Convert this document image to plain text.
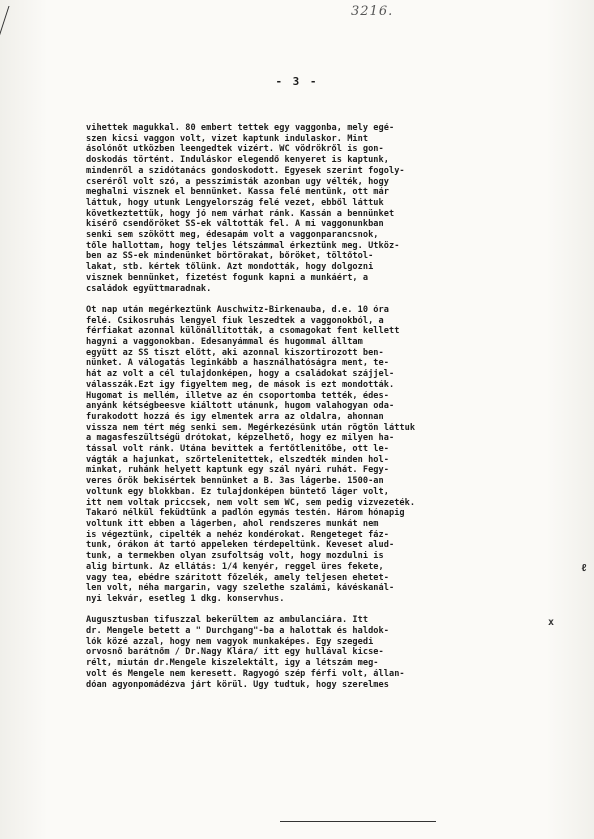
3216.
- 3 -
vihettek magukkal. 80 embert tettek egy vaggonba, mely egé-
szen kicsi vaggon volt, vizet kaptunk indulaskor. Mint
ásolónőt utközben leengedtek vizért. WC vödrökről is gon-
doskodás történt. Induláskor elegendő kenyeret is kaptunk,
mindenről a szidótanács gondoskodott. Egyesek szerint fogoly-
cseréről volt szó, a pesszimisták azonban ugy vélték, hogy
meghalni visznek el bennünket. Kassa felé mentünk, ott már
láttuk, hogy utunk Lengyelország felé vezet, ebből láttuk
következtettük, hogy jó nem várhat ránk. Kassán a bennünket
kisérő csendőröket SS-ek váltották fel. A mi vaggonunkban
senki sem szökött meg, édesapám volt a vaggonparancsnok,
tőle hallottam, hogy teljes létszámmal érkeztünk meg. Utköz-
ben az SS-ek mindenünket börtörakat, bőröket, töltőtol-
lakat, stb. kértek tőlünk. Azt mondották, hogy dolgozni
visznek bennünket, fizetést fogunk kapni a munkáért, a
családok együttmaradnak.
Öt nap után megérkeztünk Auschwitz-Birkenauba, d.e. 10 óra
felé. Csikosruhás lengyel fiuk leszedtek a vaggonokból, a
férfiakat azonnal különállították, a csomagokat fent kellett
hagyni a vaggonokban. Édesanyámmal és hugommal álltam
együtt az SS tiszt előtt, aki azonnal kiszortirozott ben-
nünket. A válogatás leginkább a használhatóságra ment, te-
hát az volt a cél tulajdonképen, hogy a családokat szájjel-
válasszák.Ezt igy figyeltem meg, de mások is ezt mondották.
Hugomat is mellém, illetve az én csoportomba tették, édes-
anyánk kétségbeesve kiáltott utánunk, hugom valahogyan oda-
furakodott hozzá és igy elmentek arra az oldalra, ahonnan
vissza nem tért még senki sem. Megérkezésünk után rögtön láttuk
a magasfeszültségü drótokat, képzelhető, hogy ez milyen ha-
tással volt ránk. Utána bevittek a fertőtlenitőbe, ott le-
vágták a hajunkat, szőrtelenitettek, elszedték minden hol-
minkat, ruhánk helyett kaptunk egy szál nyári ruhát. Fegy-
veres őrök bekisértek bennünket a B. 3as lágerbe. 1500-an
voltunk egy blokkban. Ez tulajdonképen büntető láger volt,
itt nem voltak priccsek, nem volt sem WC, sem pedig vizvezeték.
Takaró nélkül feküdtünk a padlón egymás testén. Három hónapig
voltunk itt ebben a lágerben, ahol rendszeres munkát nem
is végeztünk, cipelték a nehéz kondérokat. Rengeteget fáz-
tunk, órákon át tartó appeleken térdepeltünk. Keveset alud-
tunk, a termekben olyan zsufoltság volt, hogy mozdulni is
alig birtunk. Az ellátás: 1/4 kenyér, reggel üres fekete,
vagy tea, ebédre száritott főzelék, amely teljesen ehetet-
len volt, néha margarin, vagy szelethe szalámi, kávéskanál-
nyi lekvár, esetleg 1 dkg. konservhus.
Augusztusban tifuszzal bekerültem az ambulanciára. Itt
dr. Mengele betett a " Durchgang"-ba a halottak és haldok-
lók közé azzal, hogy nem vagyok munkaképes. Egy szegedi
orvosnő barátnőm / Dr.Nagy Klára/ itt egy hullával kicse-
rélt, miután dr.Mengele kiszelektált, igy a létszám meg-
volt és Mengele nem keresett. Ragyogó szép férfi volt, állan-
dóan agyonpomádézva járt körül. Ugy tudtuk, hogy szerelmes
ℓ
x
